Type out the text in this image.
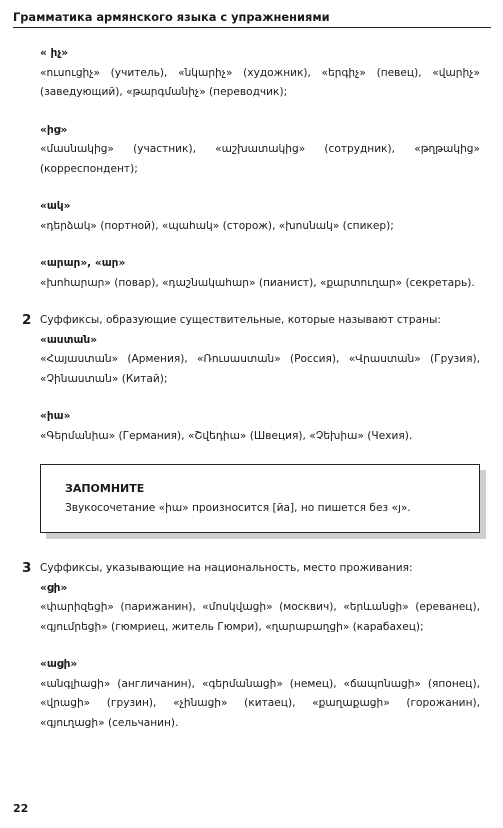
Грамматика армянского языка с упражнениями
« իչ»
«ուսուցիչ» (учитель), «նկարիչ» (художник), «երգիչ» (певец), «վարիչ» (заведующий), «թարգմանիչ» (переводчик);
«ից»
«մասնակից» (участник), «աշխատակից» (сотрудник), «թղթակից» (корреспондент);
«ակ»
«դերձակ» (портной), «պահակ» (сторож), «խոսնակ» (спикер);
«արար», «ար»
«խոհարար» (повар), «դաշնակահար» (пианист), «քարտուղար» (секретарь).
2 Суффиксы, образующие существительные, которые называют страны:
«աստան»
«Հայաստան» (Армения), «Ռուսաստան» (Россия), «Վրաստան» (Грузия), «Չինաստան» (Китай);
«իա»
«Գերմանիա» (Германия), «Շվեդիա» (Швеция), «Չեխիա» (Чехия).
ЗАПОМНИТЕ
Звукосочетание «իա» произносится [йа], но пишется без «յ».
3 Суффиксы, указывающие на национальность, место проживания:
«ցի»
«փարիզեցի» (парижанин), «մոսկվացի» (москвич), «երևանցի» (ереванец), «գյումրեցի» (гюмриец, житель Гюмри), «ղարաբաղցի» (карабахец);
«ացի»
«անգլիացի» (англичанин), «գերմանացի» (немец), «ճապոնացի» (японец), «վրացի» (грузин), «չինացի» (китаец), «քաղաքացի» (горожанин), «գյուղացի» (сельчанин).
22
